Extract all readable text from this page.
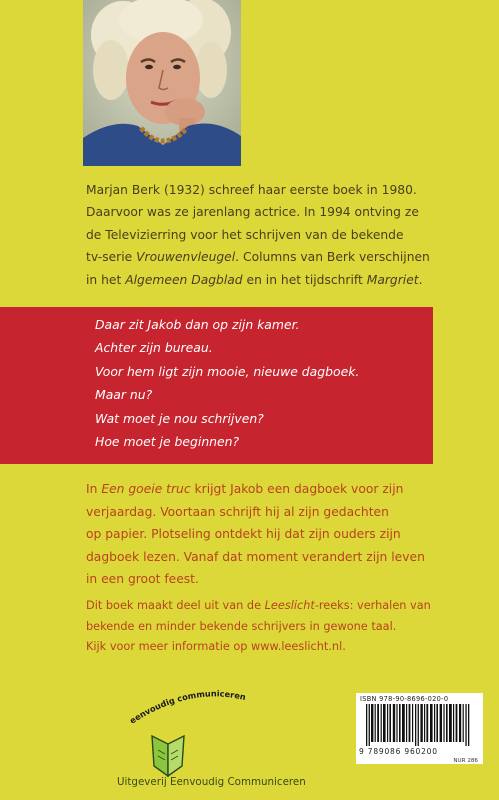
Marjan Berk (1932) schreef haar eerste boek in 1980.
Daarvoor was ze jarenlang actrice. In 1994 ontving ze
de Televizierring voor het schrijven van de bekende
tv-serie Vrouwenvleugel. Columns van Berk verschijnen
in het Algemeen Dagblad en in het tijdschrift Margriet.
Daar zit Jakob dan op zijn kamer.
Achter zijn bureau.
Voor hem ligt zijn mooie, nieuwe dagboek.
Maar nu?
Wat moet je nou schrijven?
Hoe moet je beginnen?
In Een goeie truc krijgt Jakob een dagboek voor zijn
verjaardag. Voortaan schrijft hij al zijn gedachten
op papier. Plotseling ontdekt hij dat zijn ouders zijn
dagboek lezen. Vanaf dat moment verandert zijn leven
in een groot feest.
Dit boek maakt deel uit van de Leeslicht-reeks: verhalen van
bekende en minder bekende schrijvers in gewone taal.
Kijk voor meer informatie op www.leeslicht.nl.
eenvoudig communiceren
Uitgeverij Eenvoudig Communiceren
ISBN 978-90-8696-020-0
9 789086 960200
NUR 286
